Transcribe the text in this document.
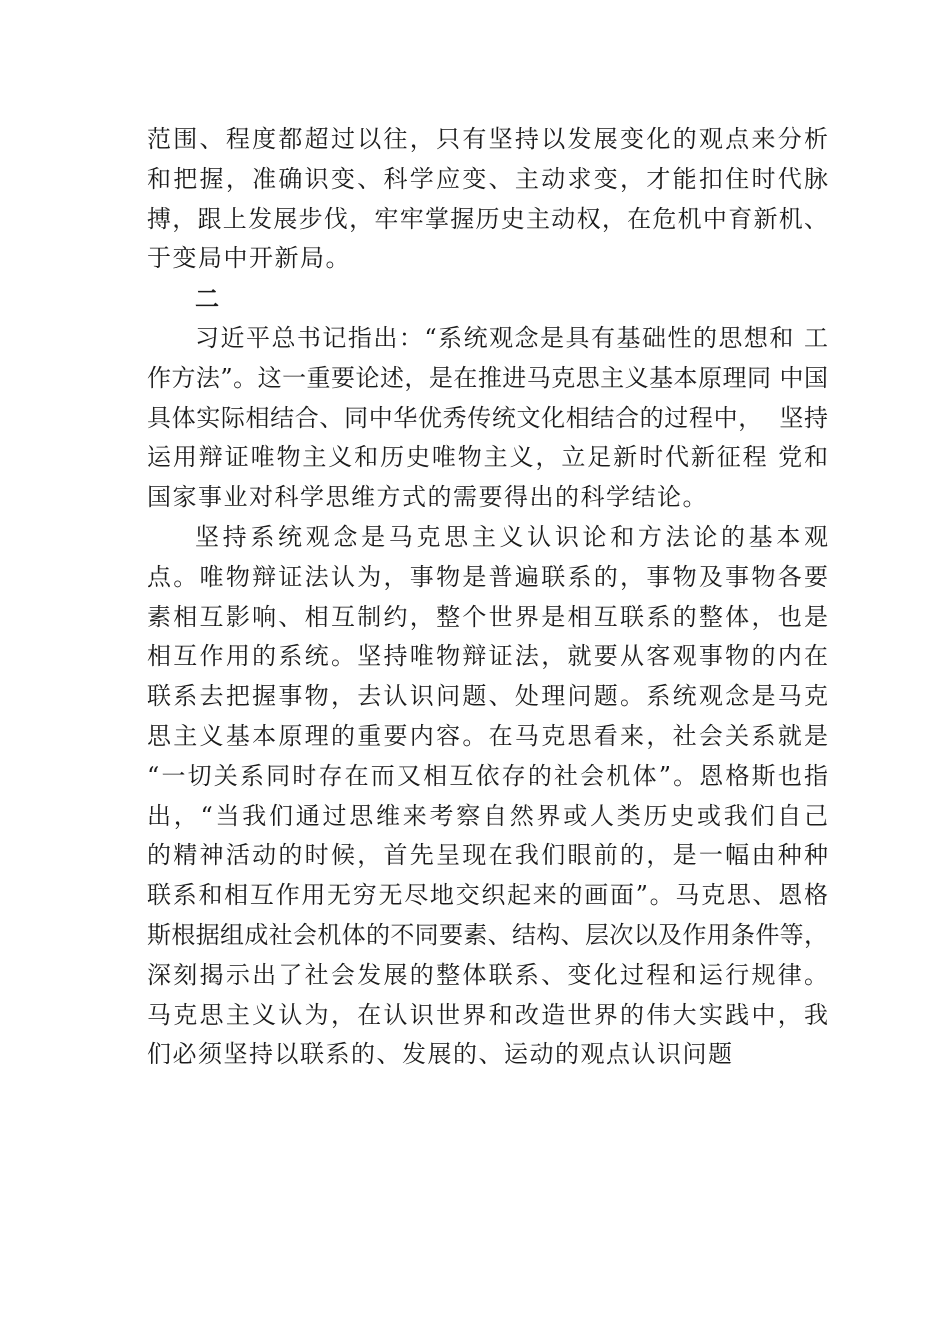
范围、程度都超过以往，只有坚持以发展变化的观点来分析
和把握，准确识变、科学应变、主动求变，才能扣住时代脉
搏，跟上发展步伐，牢牢掌握历史主动权，在危机中育新机、
于变局中开新局。
二
习近平总书记指出：“系统观念是具有基础性的思想和 工
作方法”。这一重要论述，是在推进马克思主义基本原理同 中国
具体实际相结合、同中华优秀传统文化相结合的过程中，  坚持
运用辩证唯物主义和历史唯物主义，立足新时代新征程 党和
国家事业对科学思维方式的需要得出的科学结论。
坚持系统观念是马克思主义认识论和方法论的基本观
点。唯物辩证法认为，事物是普遍联系的，事物及事物各要
素相互影响、相互制约，整个世界是相互联系的整体，也是
相互作用的系统。坚持唯物辩证法，就要从客观事物的内在
联系去把握事物，去认识问题、处理问题。系统观念是马克
思主义基本原理的重要内容。在马克思看来，社会关系就是
“一切关系同时存在而又相互依存的社会机体”。恩格斯也指
出，“当我们通过思维来考察自然界或人类历史或我们自己
的精神活动的时候，首先呈现在我们眼前的，是一幅由种种
联系和相互作用无穷无尽地交织起来的画面”。马克思、恩格
斯根据组成社会机体的不同要素、结构、层次以及作用条件等，
深刻揭示出了社会发展的整体联系、变化过程和运行规律。
马克思主义认为，在认识世界和改造世界的伟大实践中，我
们必须坚持以联系的、发展的、运动的观点认识问题
